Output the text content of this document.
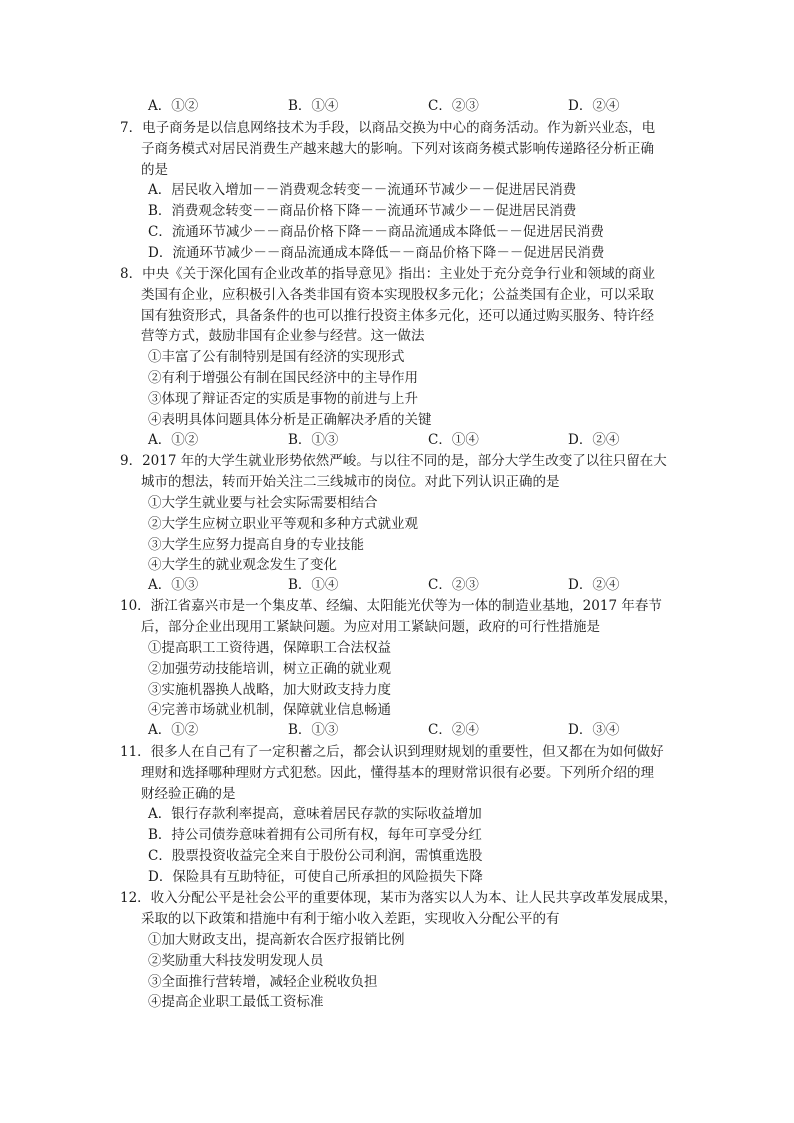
A．①②	B．①④	C．②③	D．②④
7．电子商务是以信息网络技术为手段，以商品交换为中心的商务活动。作为新兴业态，电
子商务模式对居民消费生产越来越大的影响。下列对该商务模式影响传递路径分析正确
的是
A．居民收入增加－－消费观念转变－－流通环节减少－－促进居民消费
B．消费观念转变－－商品价格下降－－流通环节减少－－促进居民消费
C．流通环节减少－－商品价格下降－－商品流通成本降低－－促进居民消费
D．流通环节减少－－商品流通成本降低－－商品价格下降－－促进居民消费
8．中央《关于深化国有企业改革的指导意见》指出：主业处于充分竞争行业和领域的商业
类国有企业，应积极引入各类非国有资本实现股权多元化；公益类国有企业，可以采取
国有独资形式，具备条件的也可以推行投资主体多元化，还可以通过购买服务、特许经
营等方式，鼓励非国有企业参与经营。这一做法
①丰富了公有制特别是国有经济的实现形式
②有利于增强公有制在国民经济中的主导作用
③体现了辩证否定的实质是事物的前进与上升
④表明具体问题具体分析是正确解决矛盾的关键
A．①②	B．①③	C．①④	D．②④
9．2017 年的大学生就业形势依然严峻。与以往不同的是，部分大学生改变了以往只留在大
城市的想法，转而开始关注二三线城市的岗位。对此下列认识正确的是
①大学生就业要与社会实际需要相结合
②大学生应树立职业平等观和多种方式就业观
③大学生应努力提高自身的专业技能
④大学生的就业观念发生了变化
A．①③	B．①④	C．②③	D．②④
10．浙江省嘉兴市是一个集皮革、经编、太阳能光伏等为一体的制造业基地，2017 年春节
后，部分企业出现用工紧缺问题。为应对用工紧缺问题，政府的可行性措施是
①提高职工工资待遇，保障职工合法权益
②加强劳动技能培训，树立正确的就业观
③实施机器换人战略，加大财政支持力度
④完善市场就业机制，保障就业信息畅通
A．①②	B．①③	C．②④	D．③④
11．很多人在自己有了一定积蓄之后，都会认识到理财规划的重要性，但又都在为如何做好
理财和选择哪种理财方式犯愁。因此，懂得基本的理财常识很有必要。下列所介绍的理
财经验正确的是
A．银行存款利率提高，意味着居民存款的实际收益增加
B．持公司债券意味着拥有公司所有权，每年可享受分红
C．股票投资收益完全来自于股份公司利润，需慎重选股
D．保险具有互助特征，可使自己所承担的风险损失下降
12．收入分配公平是社会公平的重要体现，某市为落实以人为本、让人民共享改革发展成果，
采取的以下政策和措施中有利于缩小收入差距，实现收入分配公平的有
①加大财政支出，提高新农合医疗报销比例
②奖励重大科技发明发现人员
③全面推行营转增，减轻企业税收负担
④提高企业职工最低工资标准
